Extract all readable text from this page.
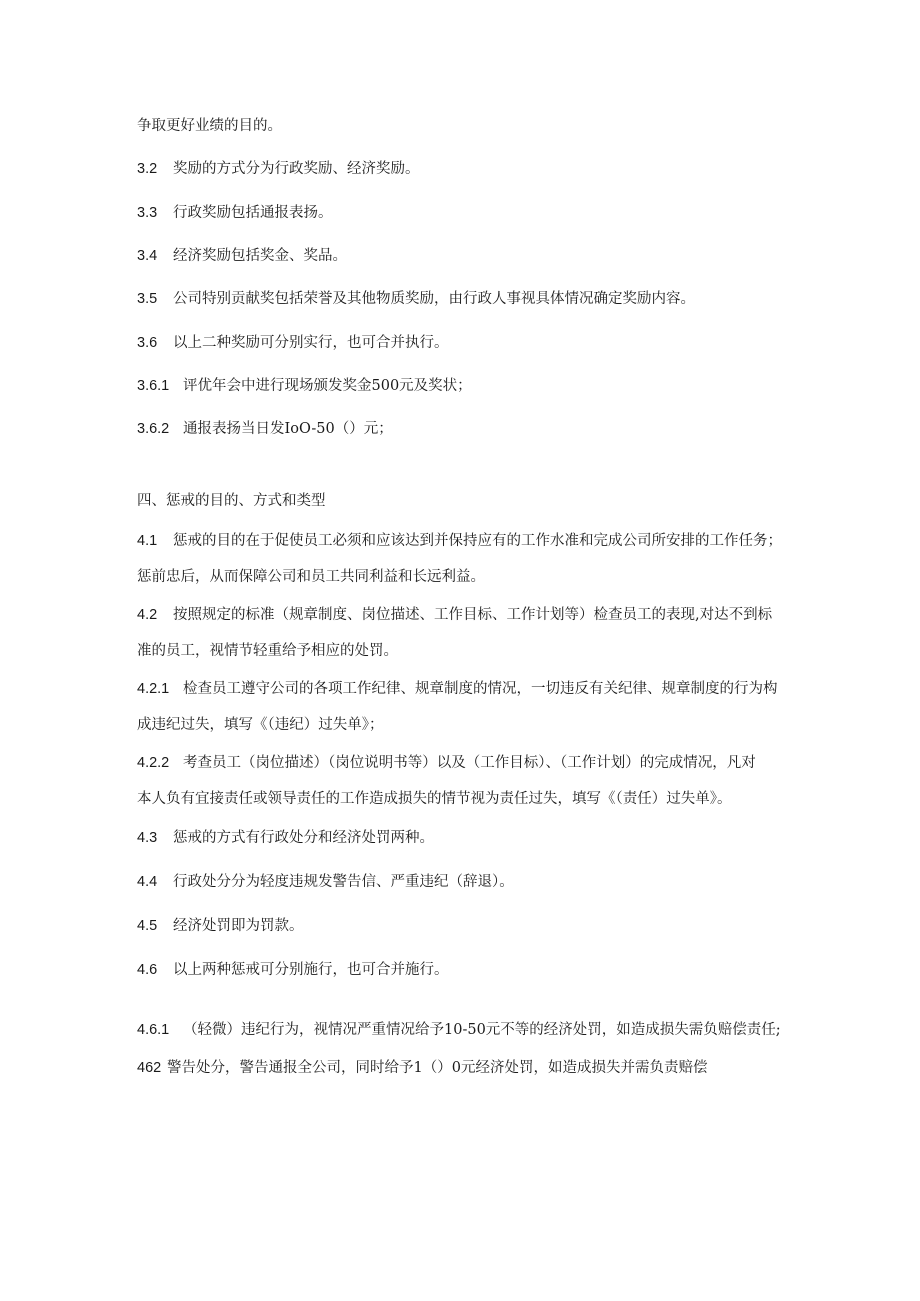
争取更好业绩的目的。
3.2 奖励的方式分为行政奖励、经济奖励。
3.3 行政奖励包括通报表扬。
3.4 经济奖励包括奖金、奖品。
3.5 公司特别贡献奖包括荣誉及其他物质奖励，由行政人事视具体情况确定奖励内容。
3.6 以上二种奖励可分别实行，也可合并执行。
3.6.1 评优年会中进行现场颁发奖金500元及奖状；
3.6.2 通报表扬当日发IoO-50（）元；
四、惩戒的目的、方式和类型
4.1 惩戒的目的在于促使员工必须和应该达到并保持应有的工作水准和完成公司所安排的工作任务；
惩前忠后，从而保障公司和员工共同利益和长远利益。
4.2 按照规定的标准（规章制度、岗位描述、工作目标、工作计划等）检查员工的表现,对达不到标
准的员工，视情节轻重给予相应的处罚。
4.2.1 检查员工遵守公司的各项工作纪律、规章制度的情况，一切违反有关纪律、规章制度的行为构
成违纪过失，填写《（违纪）过失单》；
4.2.2 考查员工（岗位描述）（岗位说明书等）以及（工作目标）、（工作计划）的完成情况，凡对
本人负有宜接责任或领导责任的工作造成损失的情节视为责任过失，填写《（责任）过失单》。
4.3 惩戒的方式有行政处分和经济处罚两种。
4.4 行政处分分为轻度违规发警告信、严重违纪（辞退）。
4.5 经济处罚即为罚款。
4.6 以上两种惩戒可分别施行，也可合并施行。
4.6.1 （轻微）违纪行为，视情况严重情况给予10-50元不等的经济处罚，如造成损失需负赔偿责任;
462 警告处分，警告通报全公司，同时给予1（）0元经济处罚，如造成损失并需负责赔偿
